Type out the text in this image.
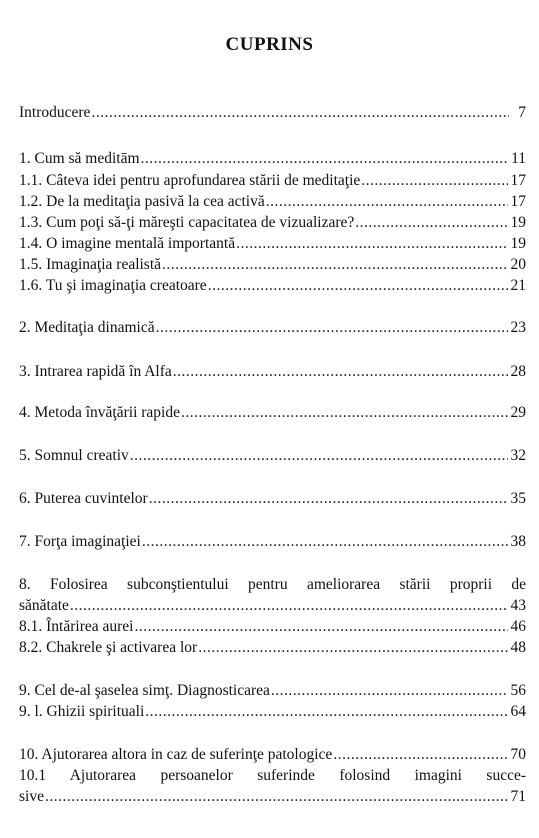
CUPRINS
Introducere .....	7
1. Cum să meditām .....	11
1.1. Câteva idei pentru aprofundarea stării de meditaţie .....	17
1.2. De la meditaţia pasivă la cea activă .....	17
1.3. Cum poţi să-ţi măreşti capacitatea de vizualizare? .....	19
1.4. O imagine mentală importantă .....	19
1.5. Imaginaţia realistă .....	20
1.6. Tu şi imaginaţia creatoare .....	21
2. Meditaţia dinamică .....	23
3. Intrarea rapidă în Alfa .....	28
4. Metoda învăţării rapide .....	29
5. Somnul creativ .....	32
6. Puterea cuvintelor .....	35
7. Forţa imaginaţiei .....	38
8. Folosirea subconştientului pentru ameliorarea stării proprii de
sănătate .....	43
8.1. Întărirea aurei .....	46
8.2. Chakrele şi activarea lor .....	48
9. Cel de-al şaselea simţ. Diagnosticarea .....	56
9. l. Ghizii spirituali .....	64
10. Ajutorarea altora in caz de suferinţe patologice .....	70
10.1 Ajutorarea persoanelor suferinde folosind imagini succe-
sive .....	71
